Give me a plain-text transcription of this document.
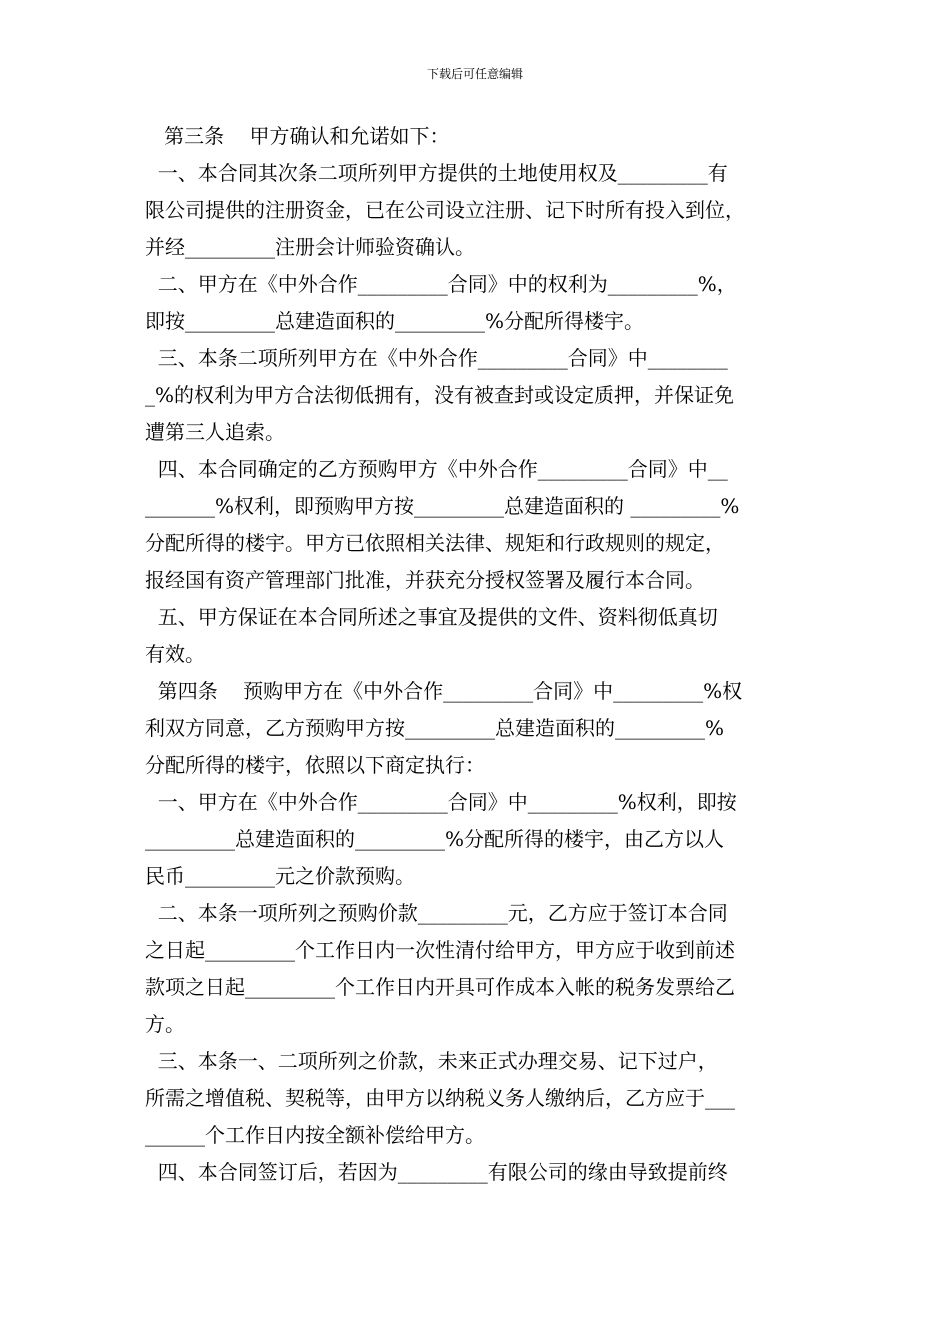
下载后可任意编辑
第三条    甲方确认和允诺如下：
一、本合同其次条二项所列甲方提供的土地使用权及_________有
限公司提供的注册资金，已在公司设立注册、记下时所有投入到位，
并经_________注册会计师验资确认。
二、甲方在《中外合作_________合同》中的权利为_________%，
即按_________总建造面积的_________%分配所得楼宇。
三、本条二项所列甲方在《中外合作_________合同》中________
_%的权利为甲方合法彻低拥有，没有被查封或设定质押，并保证免
遭第三人追索。
四、本合同确定的乙方预购甲方《中外合作_________合同》中__
_______%权利，即预购甲方按_________总建造面积的 _________%
分配所得的楼宇。甲方已依照相关法律、规矩和行政规则的规定，
报经国有资产管理部门批准，并获充分授权签署及履行本合同。
五、甲方保证在本合同所述之事宜及提供的文件、资料彻低真切
有效。
第四条    预购甲方在《中外合作_________合同》中_________%权
利双方同意，乙方预购甲方按_________总建造面积的_________%
分配所得的楼宇，依照以下商定执行：
一、甲方在《中外合作_________合同》中_________%权利，即按
_________总建造面积的_________%分配所得的楼宇，由乙方以人
民币_________元之价款预购。
二、本条一项所列之预购价款_________元，乙方应于签订本合同
之日起_________个工作日内一次性清付给甲方，甲方应于收到前述
款项之日起_________个工作日内开具可作成本入帐的税务发票给乙
方。
三、本条一、二项所列之价款，未来正式办理交易、记下过户，
所需之增值税、契税等，由甲方以纳税义务人缴纳后，乙方应于___
______个工作日内按全额补偿给甲方。
四、本合同签订后，若因为_________有限公司的缘由导致提前终
